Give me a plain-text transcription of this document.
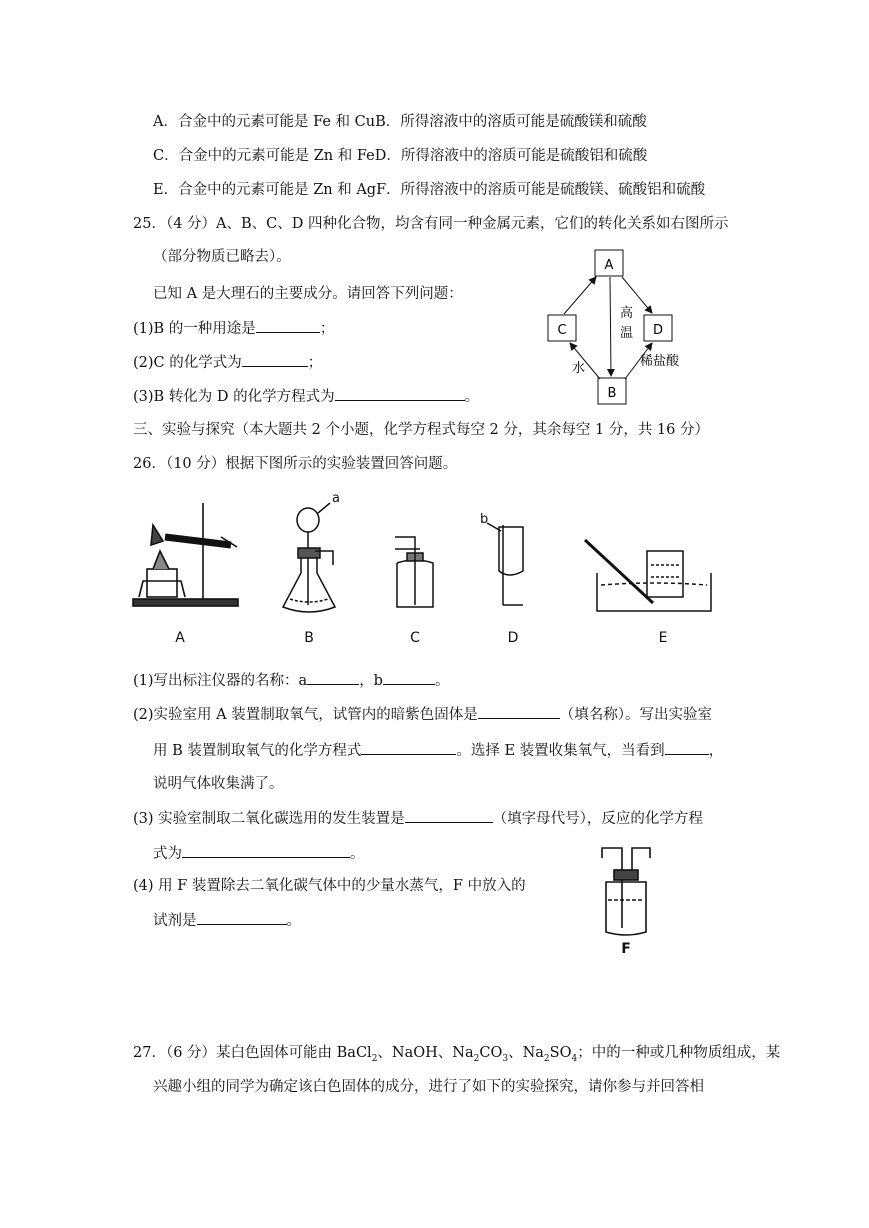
A．合金中的元素可能是 Fe 和 CuB．所得溶液中的溶质可能是硫酸镁和硫酸
C．合金中的元素可能是 Zn 和 FeD．所得溶液中的溶质可能是硫酸铝和硫酸
E．合金中的元素可能是 Zn 和 AgF．所得溶液中的溶质可能是硫酸镁、硫酸铝和硫酸
25．（4 分）A、B、C、D 四种化合物，均含有同一种金属元素，它们的转化关系如右图所示
（部分物质已略去）。
已知 A 是大理石的主要成分。请回答下列问题：
(1)B 的一种用途是	；
(2)C 的化学式为	；
(3)B 转化为 D 的化学方程式为	。
A
C	D
B
高
温
水	稀盐酸
三、实验与探究（本大题共 2 个小题，化学方程式每空 2 分，其余每空 1 分，共 16 分）
26．（10 分）根据下图所示的实验装置回答问题。
A
a
B	C
b
D	E
(1)写出标注仪器的名称：a	，b	。
(2)实验室用 A 装置制取氧气，试管内的暗紫色固体是	（填名称）。写出实验室
用 B 装置制取氧气的化学方程式	。选择 E 装置收集氧气，当看到	，
说明气体收集满了。
(3) 实验室制取二氧化碳选用的发生装置是	（填字母代号），反应的化学方程
式为	。
(4) 用 F 装置除去二氧化碳气体中的少量水蒸气，F 中放入的
试剂是	。
F
27．（6 分）某白色固体可能由 BaCl$_2$、NaOH、$Na_2CO_3$、$Na_2SO_4$；中的一种或几种物质组成，某
兴趣小组的同学为确定该白色固体的成分，进行了如下的实验探究，请你参与并回答相
